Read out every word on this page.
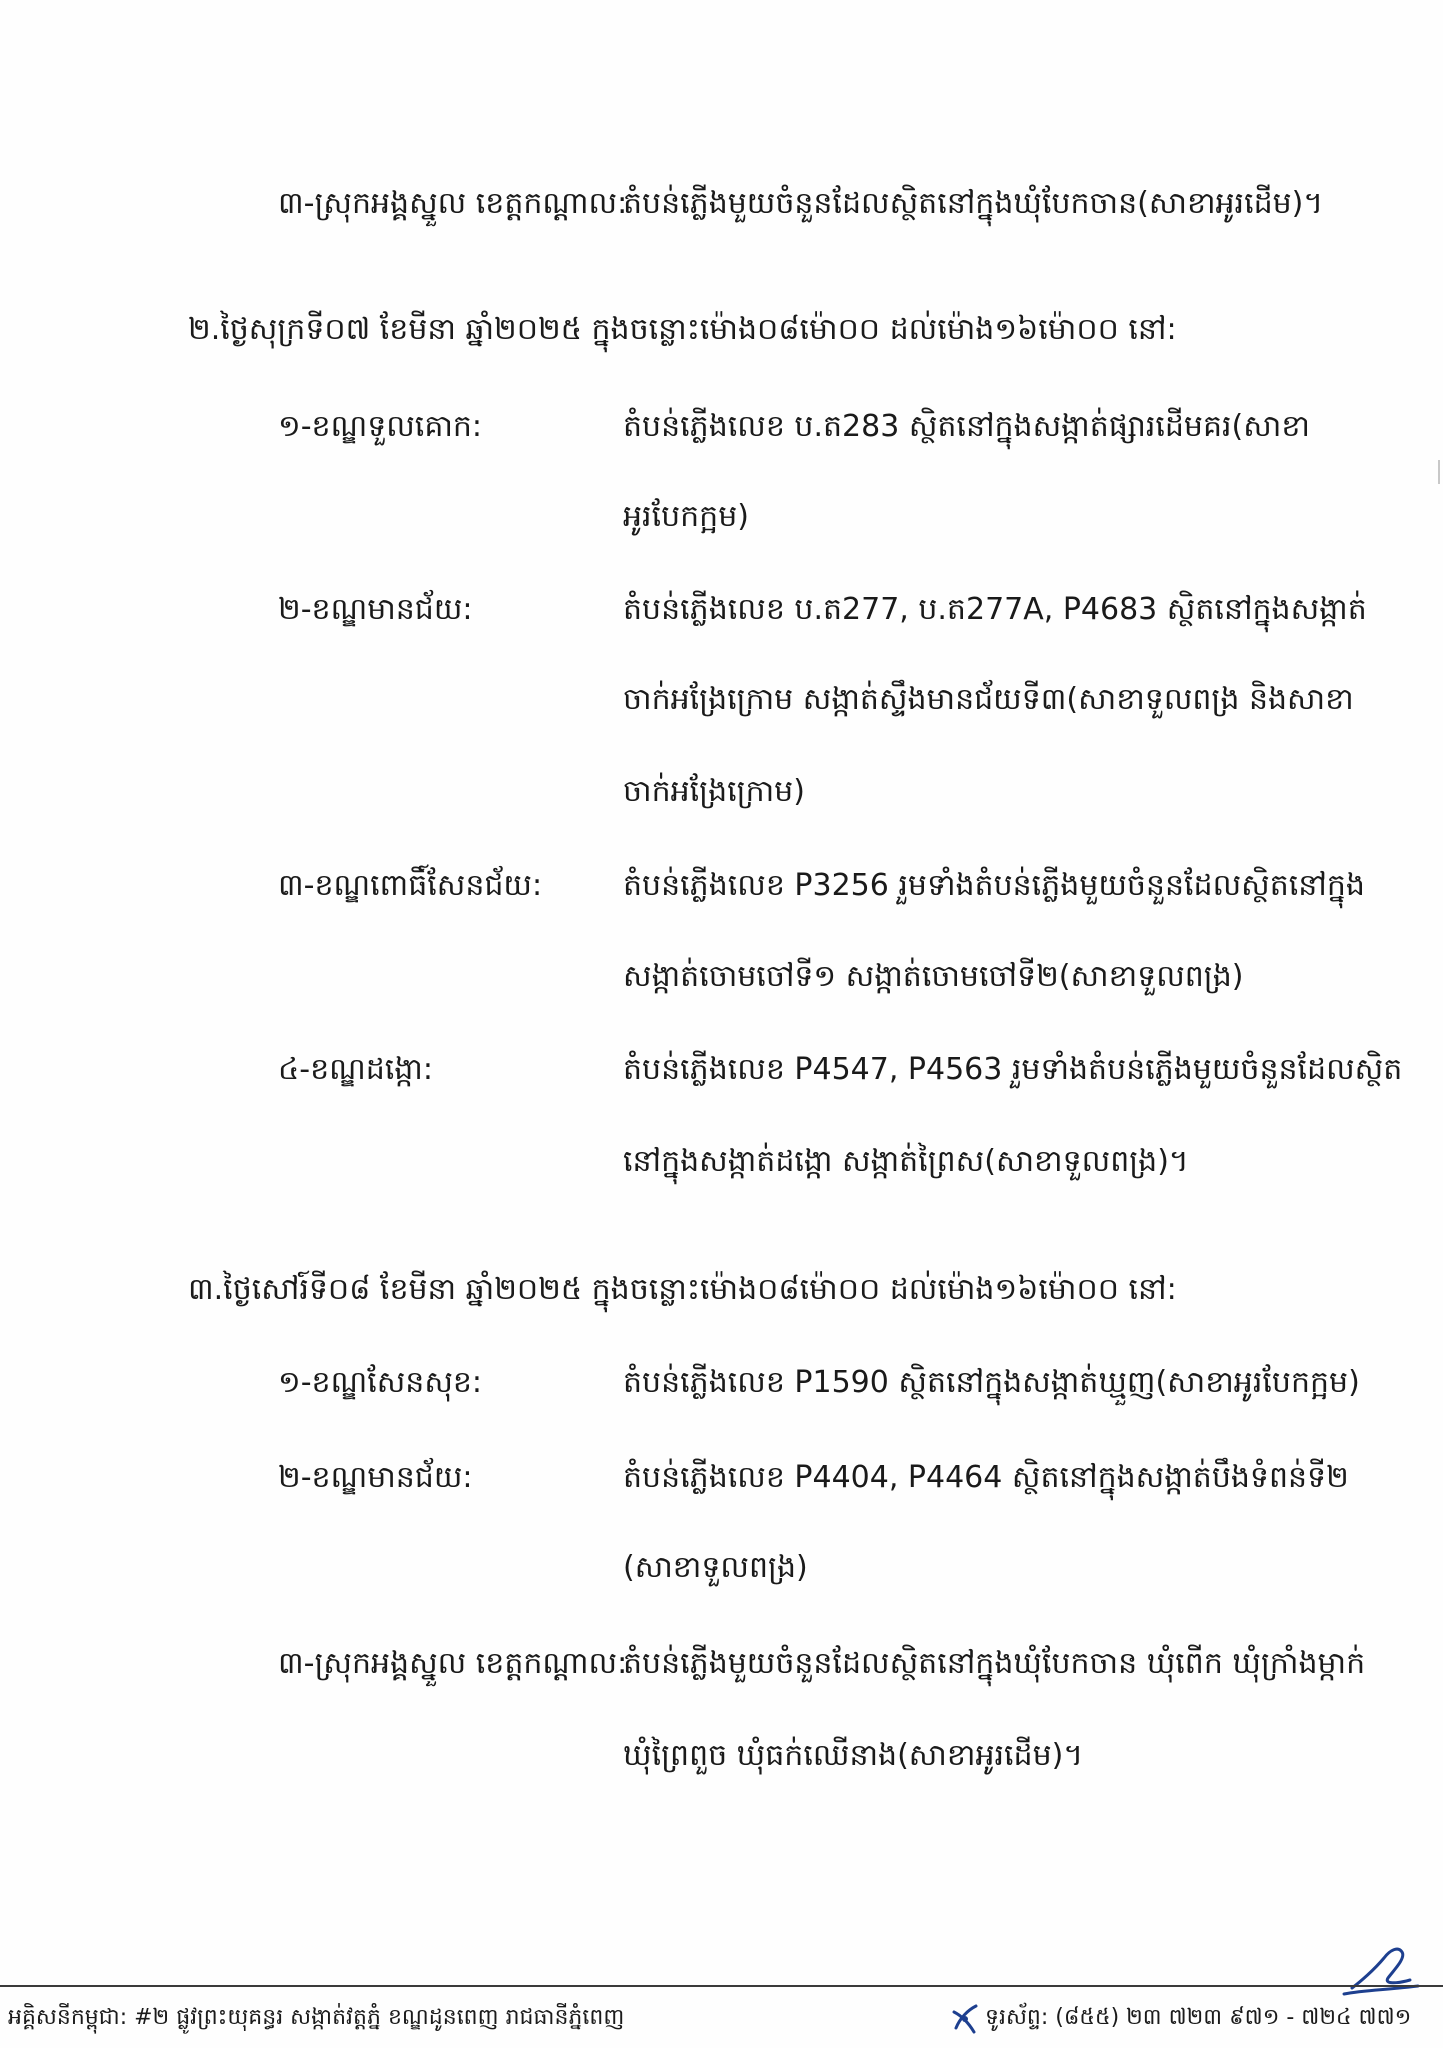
៣-ស្រុកអង្គស្នួល ខេត្តកណ្តាល:
តំបន់ភ្លើងមួយចំនួនដែលស្ថិតនៅក្នុងឃុំបែកចាន(សាខាអូរដើម)។
២.ថ្ងៃសុក្រទី០៧ ខែមីនា ឆ្នាំ២០២៥ ក្នុងចន្លោះម៉ោង០៨ម៉ោ០០ ដល់ម៉ោង១៦ម៉ោ០០ នៅ:
១-ខណ្ឌទួលគោក:	តំបន់ភ្លើងលេខ ប.ត283 ស្ថិតនៅក្នុងសង្កាត់ផ្សារដើមគរ(សាខា
អូរបែកក្អម)
២-ខណ្ឌមានជ័យ:	តំបន់ភ្លើងលេខ ប.ត277, ប.ត277A, P4683 ស្ថិតនៅក្នុងសង្កាត់
ចាក់អង្រែក្រោម សង្កាត់ស្ទឹងមានជ័យទី៣(សាខាទួលពង្រ និងសាខា
ចាក់អង្រែក្រោម)
៣-ខណ្ឌពោធិ៍សែនជ័យ:	តំបន់ភ្លើងលេខ P3256 រួមទាំងតំបន់ភ្លើងមួយចំនួនដែលស្ថិតនៅក្នុង
សង្កាត់ចោមចៅទី១ សង្កាត់ចោមចៅទី២(សាខាទួលពង្រ)
៤-ខណ្ឌដង្កោ:	តំបន់ភ្លើងលេខ P4547, P4563 រួមទាំងតំបន់ភ្លើងមួយចំនួនដែលស្ថិត
នៅក្នុងសង្កាត់ដង្កោ សង្កាត់ព្រៃស(សាខាទួលពង្រ)។
៣.ថ្ងៃសៅរ៍ទី០៨ ខែមីនា ឆ្នាំ២០២៥ ក្នុងចន្លោះម៉ោង០៨ម៉ោ០០ ដល់ម៉ោង១៦ម៉ោ០០ នៅ:
១-ខណ្ឌសែនសុខ:	តំបន់ភ្លើងលេខ P1590 ស្ថិតនៅក្នុងសង្កាត់ឃ្មួញ(សាខាអូរបែកក្អម)
២-ខណ្ឌមានជ័យ:	តំបន់ភ្លើងលេខ P4404, P4464 ស្ថិតនៅក្នុងសង្កាត់បឹងទំពន់ទី២
(សាខាទួលពង្រ)
៣-ស្រុកអង្គស្នួល ខេត្តកណ្តាល:
តំបន់ភ្លើងមួយចំនួនដែលស្ថិតនៅក្នុងឃុំបែកចាន ឃុំពើក ឃុំក្រាំងម្កាក់
ឃុំព្រៃពួច ឃុំធក់ឈើនាង(សាខាអូរដើម)។
អគ្គិសនីកម្ពុជា: #២ ផ្លូវព្រះយុគន្ធរ សង្កាត់វត្តភ្នំ ខណ្ឌដូនពេញ រាជធានីភ្នំពេញ	ទូរស័ព្ទ: (៨៥៥) ២៣ ៧២៣ ៩៧១ - ៧២៤ ៧៧១
